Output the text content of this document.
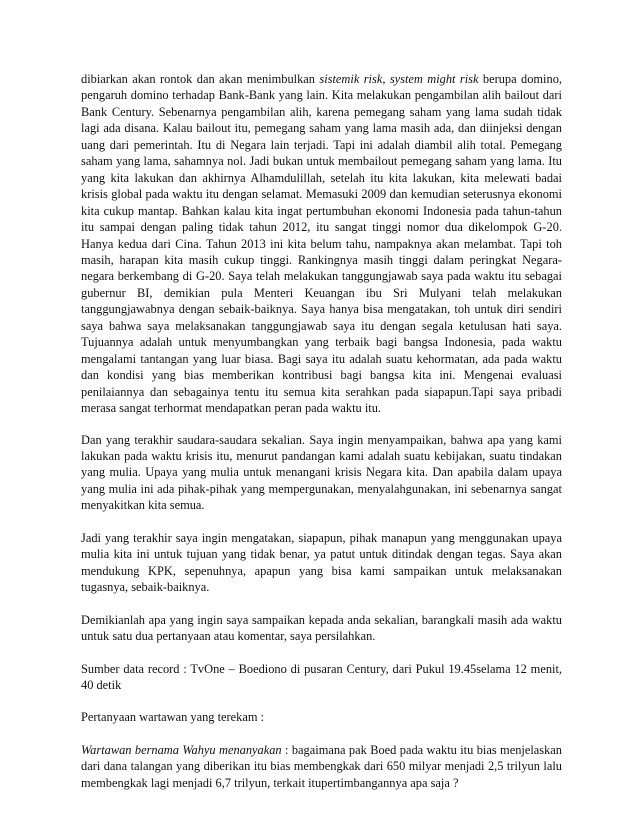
dibiarkan akan rontok dan akan menimbulkan sistemik risk, system might risk berupa domino, pengaruh domino terhadap Bank-Bank yang lain. Kita melakukan pengambilan alih bailout dari Bank Century. Sebenarnya pengambilan alih, karena pemegang saham yang lama sudah tidak lagi ada disana. Kalau bailout itu, pemegang saham yang lama masih ada, dan diinjeksi dengan uang dari pemerintah. Itu di Negara lain terjadi. Tapi ini adalah diambil alih total. Pemegang saham yang lama, sahamnya nol. Jadi bukan untuk membailout pemegang saham yang lama. Itu yang kita lakukan dan akhirnya Alhamdulillah, setelah itu kita lakukan, kita melewati badai krisis global pada waktu itu dengan selamat. Memasuki 2009 dan kemudian seterusnya ekonomi kita cukup mantap. Bahkan kalau kita ingat pertumbuhan ekonomi Indonesia pada tahun-tahun itu sampai dengan paling tidak tahun 2012, itu sangat tinggi nomor dua dikelompok G-20. Hanya kedua dari Cina. Tahun 2013 ini kita belum tahu, nampaknya akan melambat. Tapi toh masih, harapan kita masih cukup tinggi. Rankingnya masih tinggi dalam peringkat Negara-negara berkembang di G-20. Saya telah melakukan tanggungjawab saya pada waktu itu sebagai gubernur BI, demikian pula Menteri Keuangan ibu Sri Mulyani telah melakukan tanggungjawabnya dengan sebaik-baiknya. Saya hanya bisa mengatakan, toh untuk diri sendiri saya bahwa saya melaksanakan tanggungjawab saya itu dengan segala ketulusan hati saya. Tujuannya adalah untuk menyumbangkan yang terbaik bagi bangsa Indonesia, pada waktu mengalami tantangan yang luar biasa. Bagi saya itu adalah suatu kehormatan, ada pada waktu dan kondisi yang bias memberikan kontribusi bagi bangsa kita ini. Mengenai evaluasi penilaiannya dan sebagainya tentu itu semua kita serahkan pada siapapun.Tapi saya pribadi merasa sangat terhormat mendapatkan peran pada waktu itu.

Dan yang terakhir saudara-saudara sekalian. Saya ingin menyampaikan, bahwa apa yang kami lakukan pada waktu krisis itu, menurut pandangan kami adalah suatu kebijakan, suatu tindakan yang mulia. Upaya yang mulia untuk menangani krisis Negara kita. Dan apabila dalam upaya yang mulia ini ada pihak-pihak yang mempergunakan, menyalahgunakan, ini sebenarnya sangat menyakitkan kita semua.

Jadi yang terakhir saya ingin mengatakan, siapapun, pihak manapun yang menggunakan upaya mulia kita ini untuk tujuan yang tidak benar, ya patut untuk ditindak dengan tegas. Saya akan mendukung KPK, sepenuhnya, apapun yang bisa kami sampaikan untuk melaksanakan tugasnya, sebaik-baiknya.

Demikianlah apa yang ingin saya sampaikan kepada anda sekalian, barangkali masih ada waktu untuk satu dua pertanyaan atau komentar, saya persilahkan.

Sumber data record : TvOne – Boediono di pusaran Century, dari Pukul 19.45selama 12 menit, 40 detik

Pertanyaan wartawan yang terekam :

Wartawan bernama Wahyu menanyakan : bagaimana pak Boed pada waktu itu bias menjelaskan dari dana talangan yang diberikan itu bias membengkak dari 650 milyar menjadi 2,5 trilyun lalu membengkak lagi menjadi 6,7 trilyun, terkait itupertimbangannya apa saja ?
